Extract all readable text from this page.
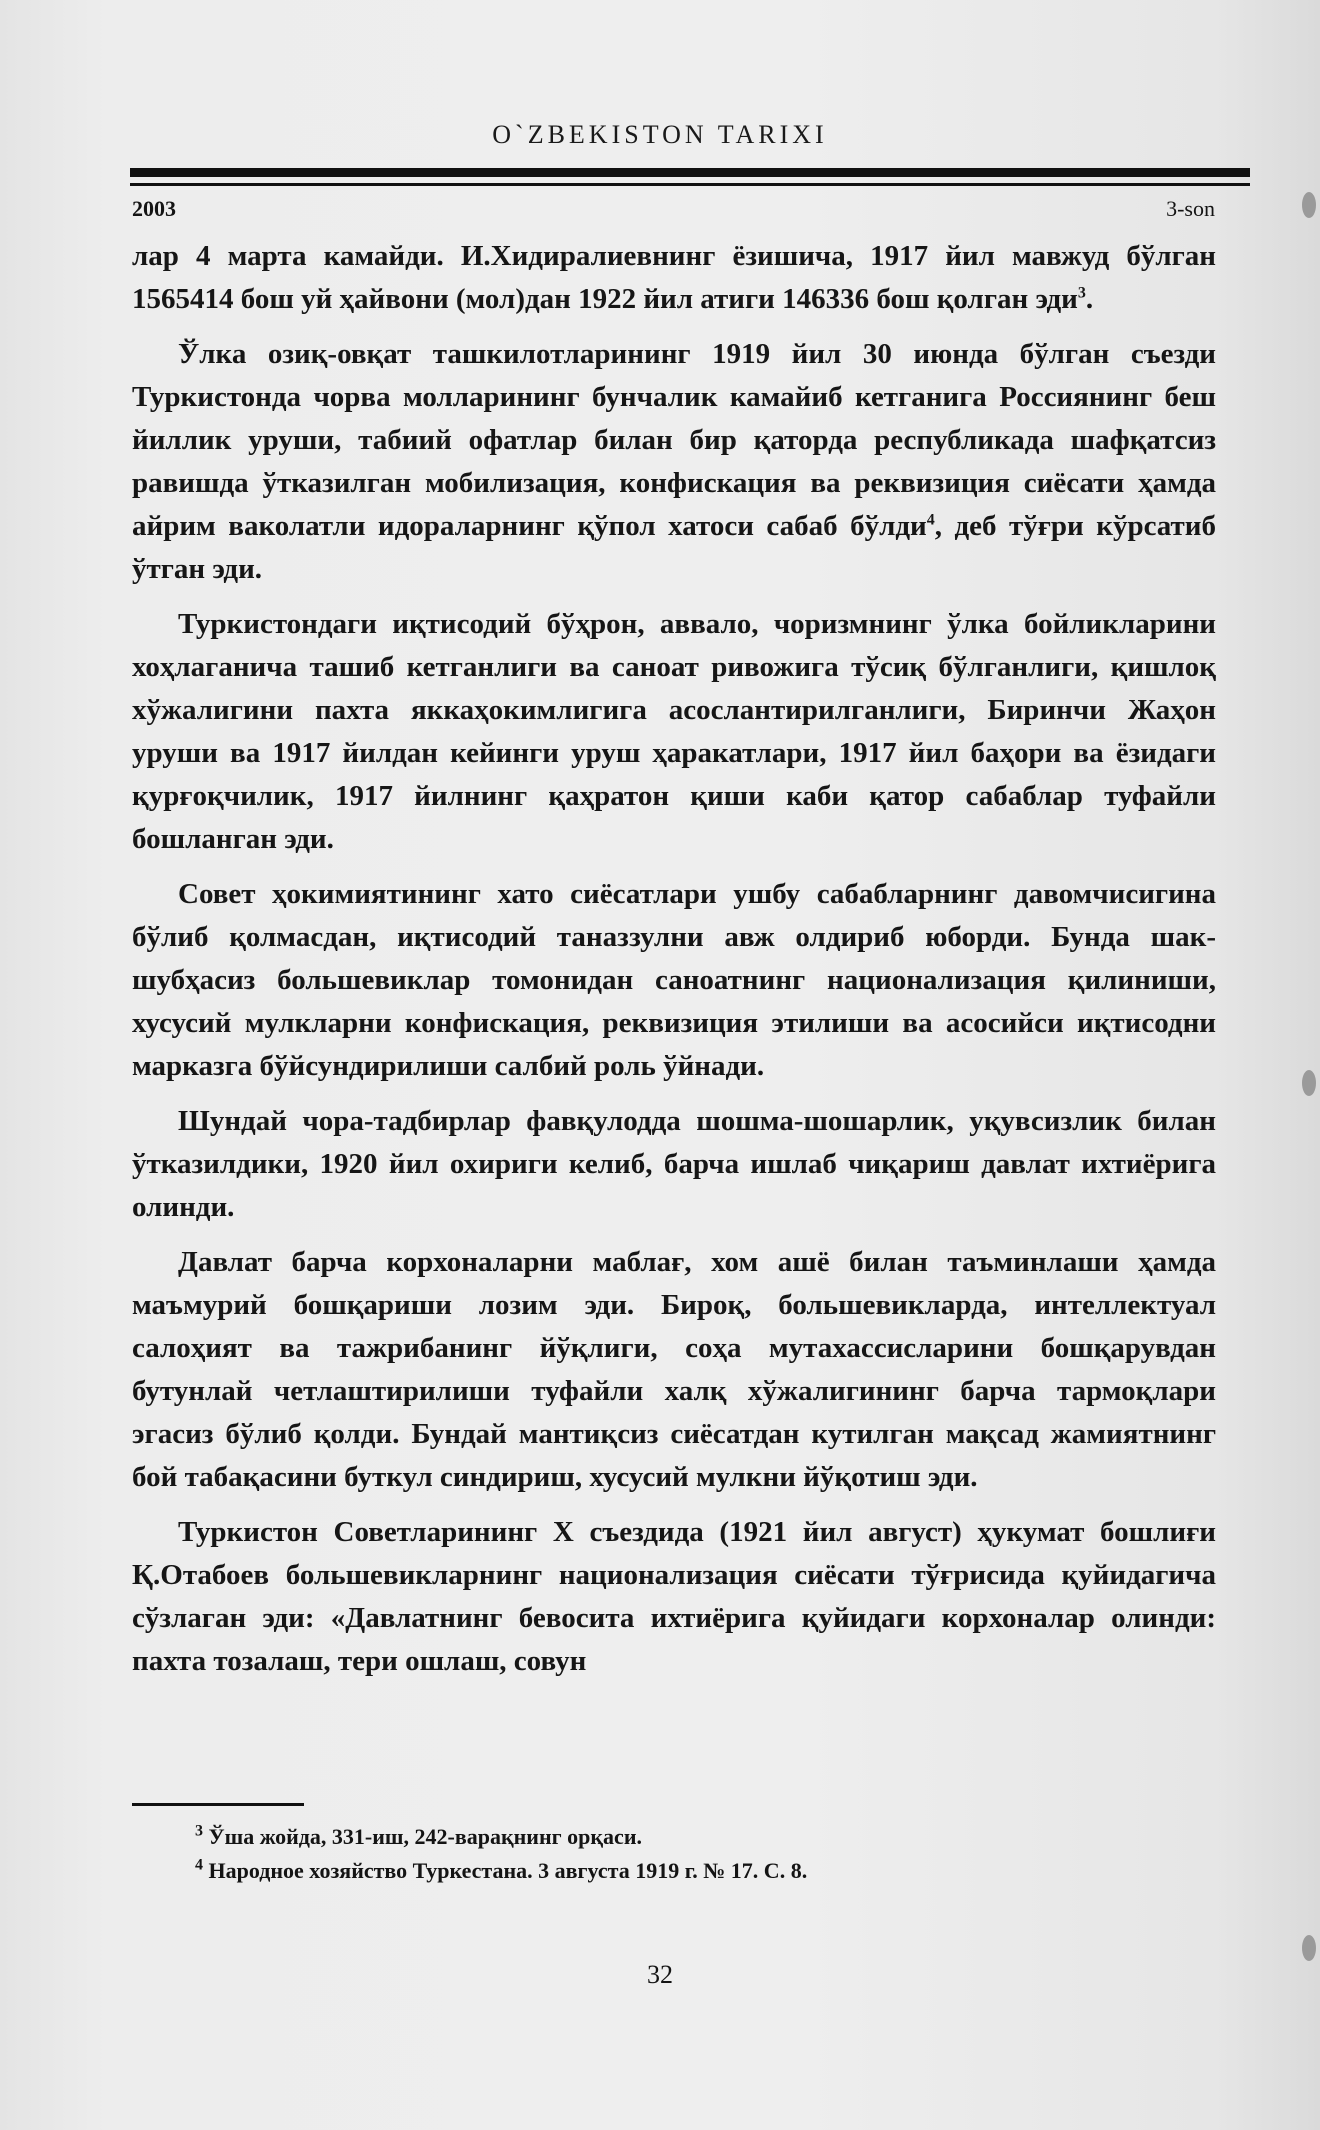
O`ZBEKISTON TARIXI
2003	3-son

лар 4 марта камайди. И.Хидиралиевнинг ёзишича, 1917 йил мавжуд бўлган 1565414 бош уй ҳайвони (мол)дан 1922 йил атиги 146336 бош қолган эди$^3$.

Ўлка озиқ-овқат ташкилотларининг 1919 йил 30 июнда бўлган съезди Туркистонда чорва молларининг бунчалик камайиб кетганига Россиянинг беш йиллик уруши, табиий офатлар билан бир қаторда республикада шафқатсиз равишда ўтказилган мобилизация, конфискация ва реквизиция сиёсати ҳамда айрим ваколатли идораларнинг қўпол хатоси сабаб бўлди$^4$, деб тўғри кўрсатиб ўтган эди.

Туркистондаги иқтисодий бўҳрон, аввало, чоризмнинг ўлка бойликларини хоҳлаганича ташиб кетганлиги ва саноат ривожига тўсиқ бўлганлиги, қишлоқ хўжалигини пахта яккаҳокимлигига асослантирилганлиги, Биринчи Жаҳон уруши ва 1917 йилдан кейинги уруш ҳаракатлари, 1917 йил баҳори ва ёзидаги қурғоқчилик, 1917 йилнинг қаҳратон қиши каби қатор сабаблар туфайли бошланган эди.

Совет ҳокимиятининг хато сиёсатлари ушбу сабабларнинг давомчисигина бўлиб қолмасдан, иқтисодий таназзулни авж олдириб юборди. Бунда шак-шубҳасиз большевиклар томонидан саноатнинг национализация қилиниши, хусусий мулкларни конфискация, реквизиция этилиши ва асосийси иқтисодни марказга бўйсундирилиши салбий роль ўйнади.

Шундай чора-тадбирлар фавқулодда шошма-шошарлик, уқувсизлик билан ўтказилдики, 1920 йил охириги келиб, барча ишлаб чиқариш давлат ихтиёрига олинди.

Давлат барча корхоналарни маблағ, хом ашё билан таъминлаши ҳамда маъмурий бошқариши лозим эди. Бироқ, большевикларда, интеллектуал салоҳият ва тажрибанинг йўқлиги, соҳа мутахассисларини бошқарувдан бутунлай четлаштирилиши туфайли халқ хўжалигининг барча тармоқлари эгасиз бўлиб қолди. Бундай мантиқсиз сиёсатдан кутилган мақсад жамиятнинг бой табақасини буткул синдириш, хусусий мулкни йўқотиш эди.

Туркистон Советларининг X съездида (1921 йил август) ҳукумат бошлиғи Қ.Отабоев большевикларнинг национализация сиёсати тўғрисида қуйидагича сўзлаган эди: «Давлатнинг бевосита ихтиёрига қуйидаги корхоналар олинди: пахта тозалаш, тери ошлаш, совун

$^3$ Ўша жойда, 331-иш, 242-варақнинг орқаси.

$^4$ Народное хозяйство Туркестана. 3 августа 1919 г. № 17. С. 8.

32
